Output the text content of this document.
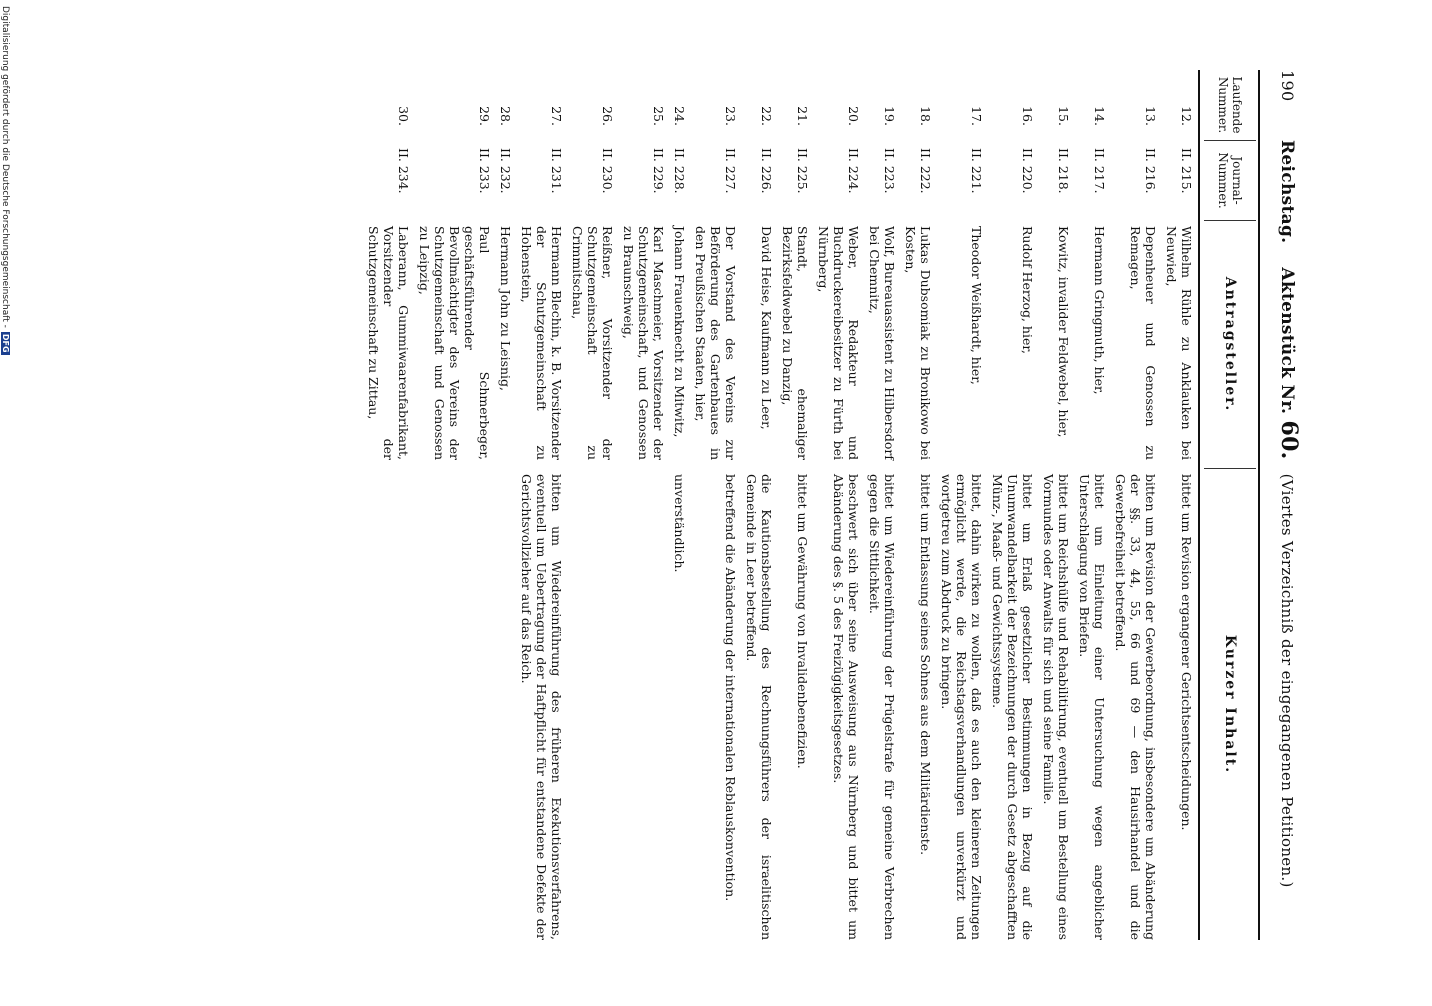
190
Reichstag.
Aktenstück Nr. 60.
(Viertes Verzeichniß der eingegangenen Petitionen.)
Laufende Nummer.
Journal-Nummer.
Antragsteller.
Kurzer Inhalt.
12.
II. 215.
Wilhelm Rühle zu Anklauken bei Neuwied,
bittet um Revision ergangener Gerichtsentscheidungen.
13.
II. 216.
Depenheuer und Genossen zu Remagen,
bitten um Revision der Gewerbeordnung, insbesondere um Abänderung der §§. 33, 44, 55, 66 und 69 — den Hausirhandel und die Gewerbefreiheit betreffend.
14.
II. 217.
Hermann Gringmuth, hier,
bittet um Einleitung einer Untersuchung wegen angeblicher Unterschlagung von Briefen.
15.
II. 218.
Kowitz, invalider Feldwebel, hier,
bittet um Reichshülfe und Rehabilitirung, eventuell um Bestellung eines Vormundes oder Anwalts für sich und seine Familie.
16.
II. 220.
Rudolf Herzog, hier,
bittet um Erlaß gesetzlicher Bestimmungen in Bezug auf die Unumwandelbarkeit der Bezeichnungen der durch Gesetz abgeschafften Münz-, Maaß- und Gewichtssysteme.
17.
II. 221.
Theodor Weißhardt, hier,
bittet, dahin wirken zu wollen, daß es auch den kleineren Zeitungen ermöglicht werde, die Reichstagsverhandlungen unverkürzt und wortgetreu zum Abdruck zu bringen.
18.
II. 222.
Lukas Dubsomiak zu Bronikowo bei Kosten,
bittet um Entlassung seines Sohnes aus dem Militärdienste.
19.
II. 223.
Wolf, Bureauassistent zu Hilbersdorf bei Chemnitz,
bittet um Wiedereinführung der Prügelstrafe für gemeine Verbrechen gegen die Sittlichkeit.
20.
II. 224.
Weber, Redakteur und Buchdruckereibesitzer zu Fürth bei Nürnberg,
beschwert sich über seine Ausweisung aus Nürnberg und bittet um Abänderung des §. 5 des Freizügigkeitsgesetzes.
21.
II. 225.
Standt, ehemaliger Bezirksfeldwebel zu Danzig,
bittet um Gewährung von Invalidenbenefizien.
22.
II. 226.
David Heise, Kaufmann zu Leer,
die Kautionsbestellung des Rechnungsführers der israelitischen Gemeinde in Leer betreffend.
23.
II. 227.
Der Vorstand des Vereins zur Beförderung des Gartenbaues in den Preußischen Staaten, hier,
betreffend die Abänderung der internationalen Reblauskonvention.
24.
II. 228.
Johann Frauenknecht zu Mitwitz,
unverständlich.
25.
II. 229.
Karl Maschmeier, Vorsitzender der Schutzgemeinschaft, und Genossen zu Braunschweig,
26.
II. 230.
Reißner, Vorsitzender der Schutzgemeinschaft zu Crimmitschau,
27.
II. 231.
Hermann Blechin, k. B. Vorsitzender der Schutzgemeinschaft zu Hohenstein,
bitten um Wiedereinführung des früheren Exekutionsverfahrens, eventuell um Uebertragung der Haftpflicht für entstandene Defekte der Gerichtsvollzieher auf das Reich.
28.
II. 232.
Hermann John zu Leisnig,
29.
II. 233.
Paul Schmerbeger, geschäftsführender Bevollmächtigter des Vereins der Schutzgemeinschaft und Genossen zu Leipzig,
30.
II. 234.
Laberann, Gummiwaarenfabrikant, Vorsitzender der Schutzgemeinschaft zu Zittau,
Digitalisierung gefördert durch die Deutsche Forschungsgemeinschaft -DFG
